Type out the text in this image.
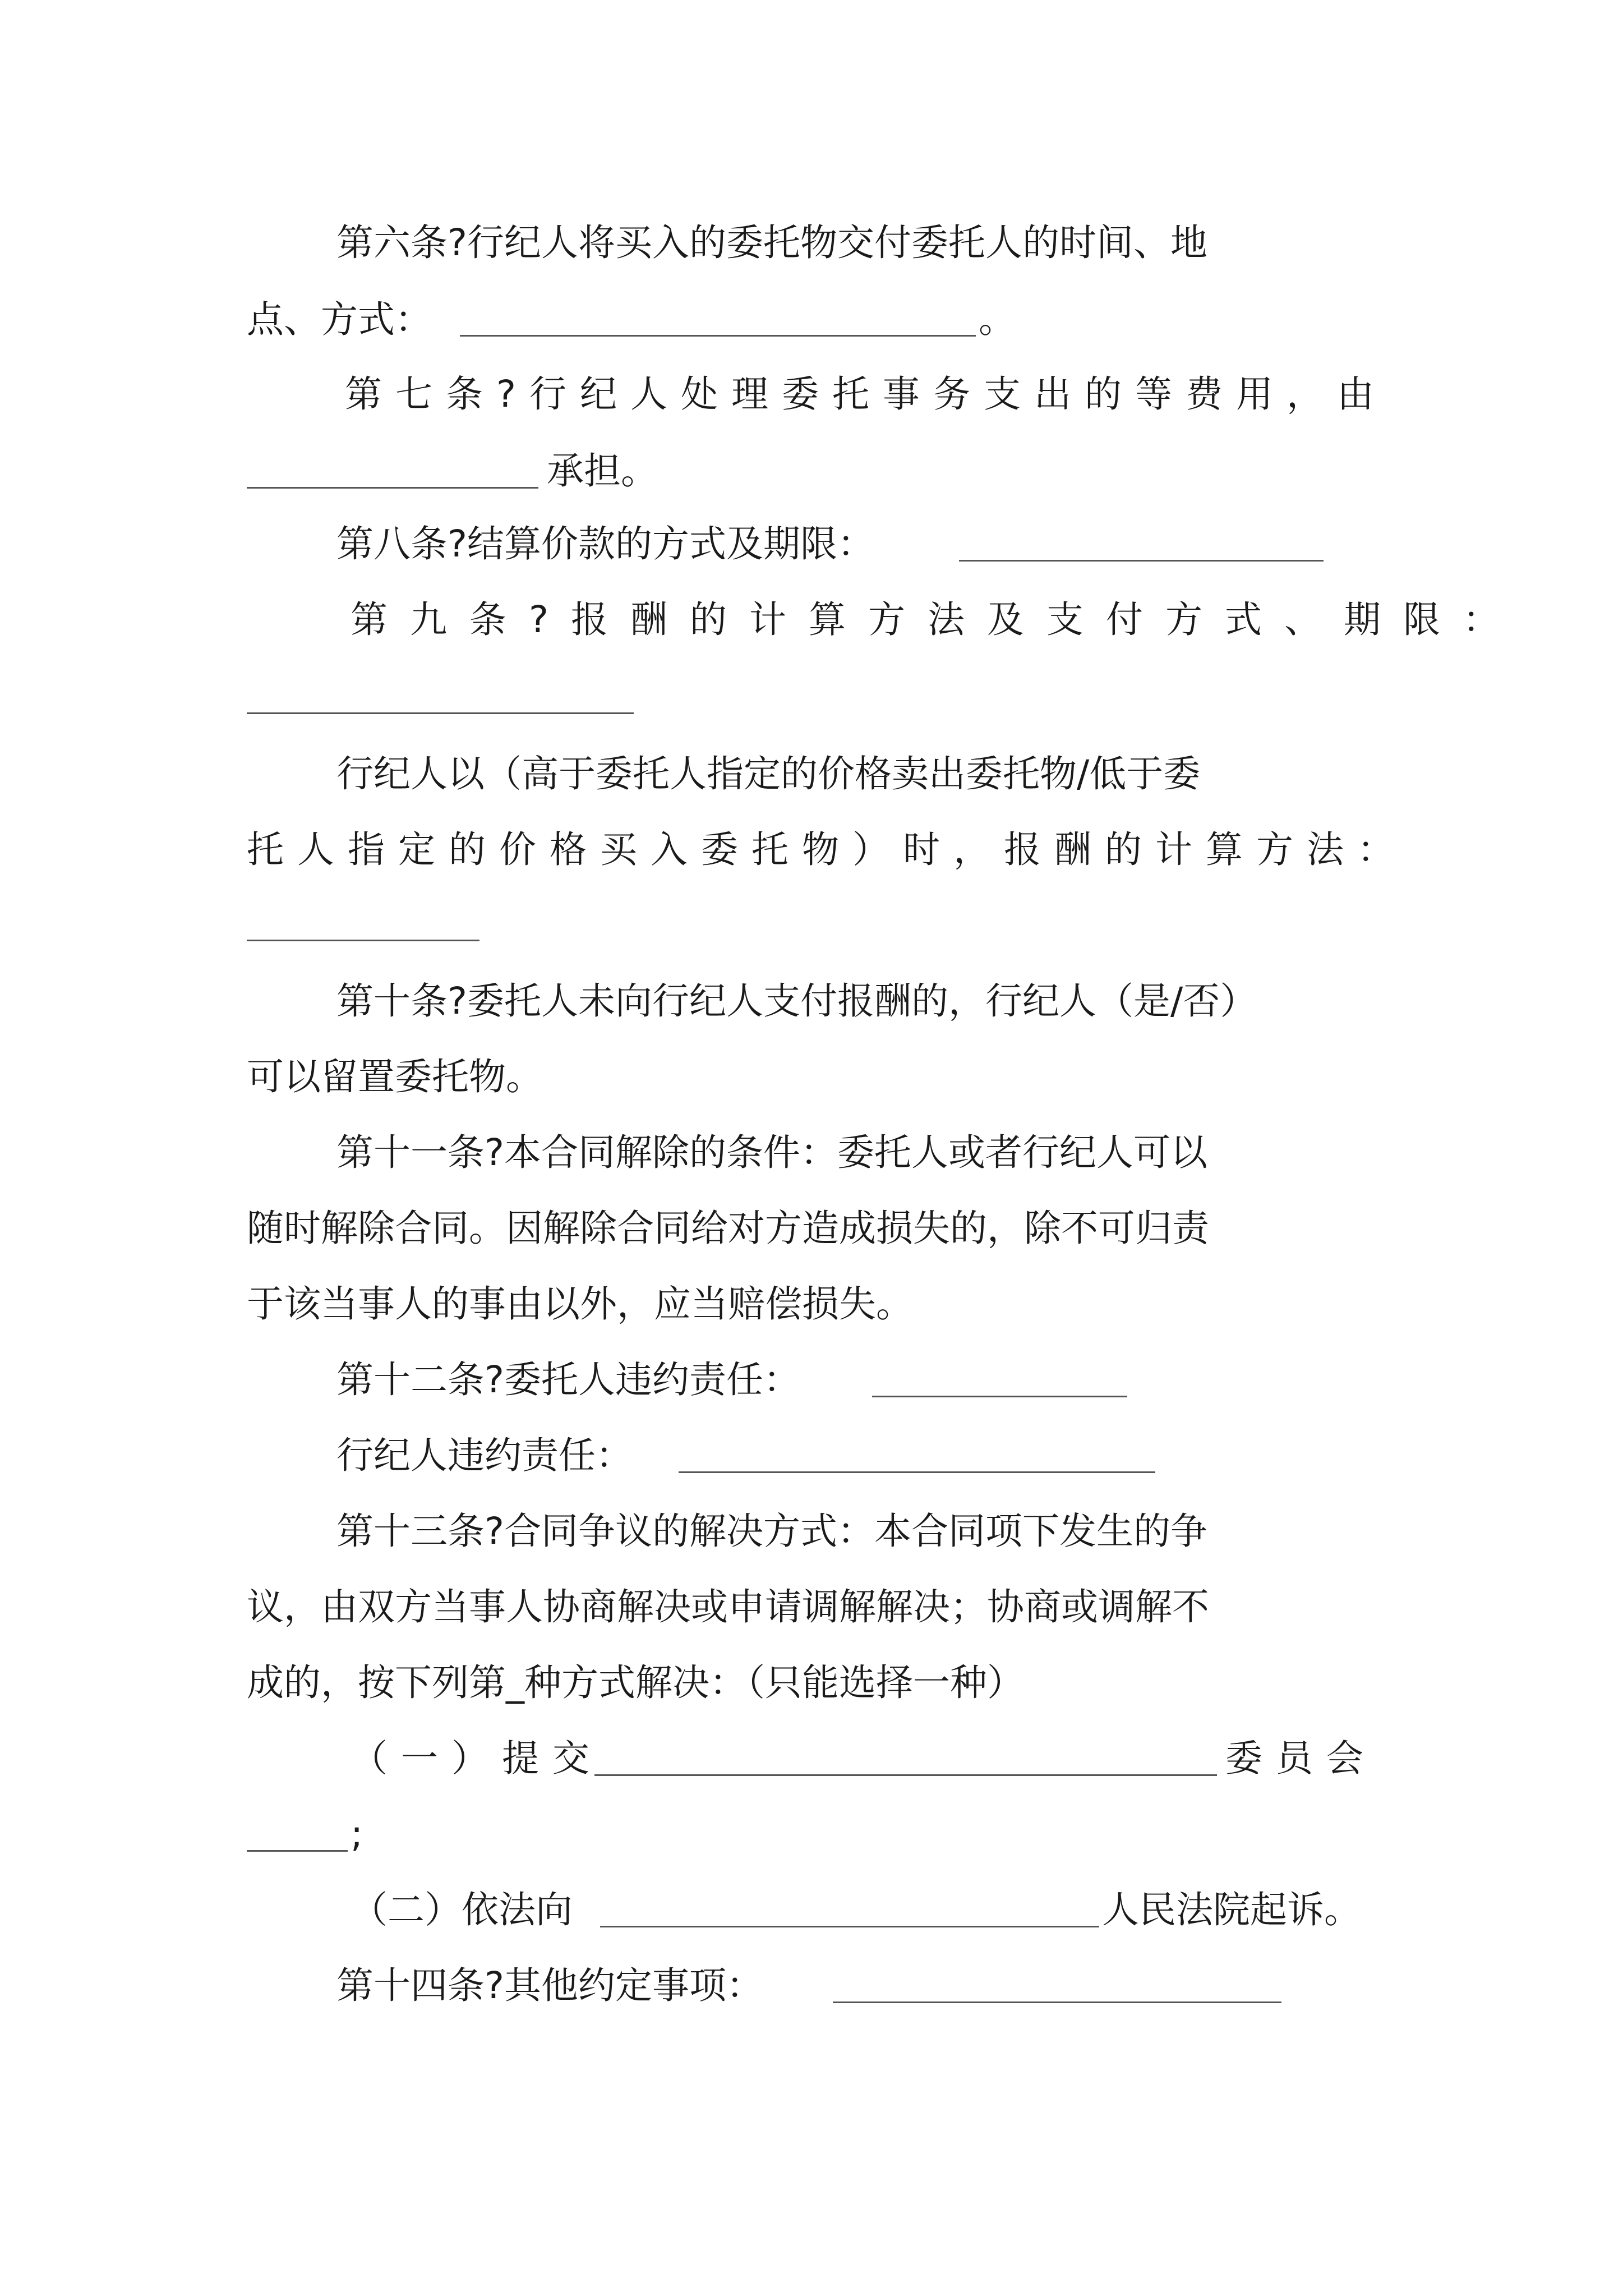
第六条?行纪人将买入的委托物交付委托人的时间、地
点、方式：	。
第七条?行纪人处理委托事务支出的等费用，由
承担。
第八条?结算价款的方式及期限：
第九条?报酬的计算方法及支付方式、期限：
行纪人以（高于委托人指定的价格卖出委托物/低于委
托人指定的价格买入委托物）时，报酬的计算方法：
第十条?委托人未向行纪人支付报酬的，行纪人（是/否）
可以留置委托物。
第十一条?本合同解除的条件：委托人或者行纪人可以
随时解除合同。因解除合同给对方造成损失的，除不可归责
于该当事人的事由以外，应当赔偿损失。
第十二条?委托人违约责任：
行纪人违约责任：
第十三条?合同争议的解决方式：本合同项下发生的争
议，由双方当事人协商解决或申请调解解决；协商或调解不
成的，按下列第_种方式解决：（只能选择一种）
（一）提交	委员会
;
（二）依法向	人民法院起诉。
第十四条?其他约定事项：
